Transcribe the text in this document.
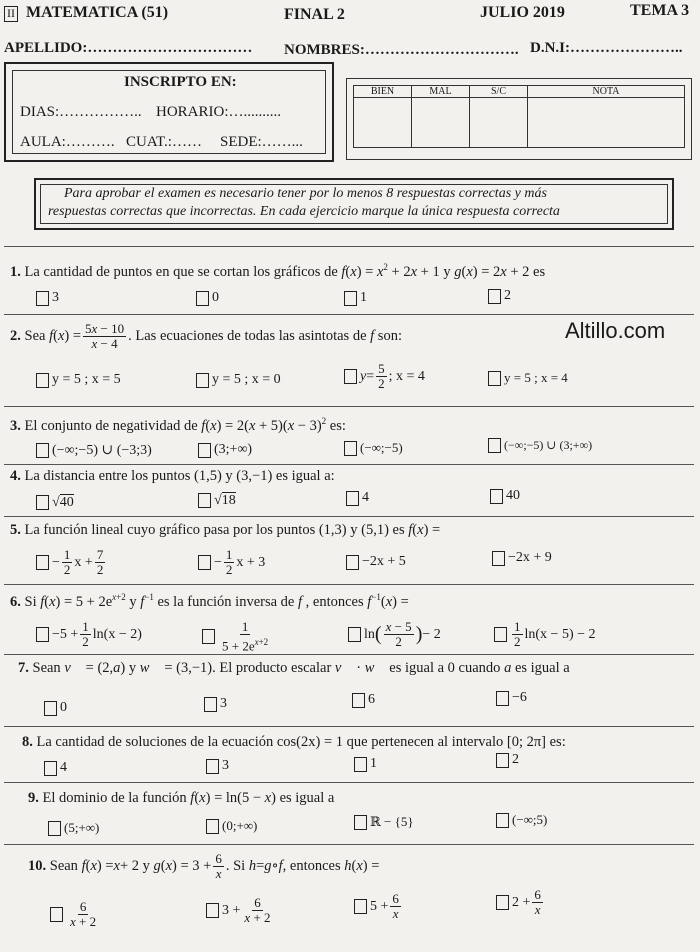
II MATEMATICA (51)	FINAL 2	JULIO 2019	TEMA 3
APELLIDO:…………………………… NOMBRES:…………………………. D.N.I:…………………..
INSCRIPTO EN:
DIAS:…………….. HORARIO:…..........
AULA:………. CUAT.:…… SEDE:……...
BIEN	MAL	S/C	NOTA

Para aprobar el examen es necesario tener por lo menos 8 respuestas correctas y más
respuestas correctas que incorrectas. En cada ejercicio marque la única respuesta correcta
Altillo.com
1. La cantidad de puntos en que se cortan los gráficos de $f(x) = x^2 + 2x + 1$ y g(x) = 2x + 2 es
3	0	1	2
2.
Sea
f ( x ) = $\frac{5x - 10}{x - 4}$ . Las ecuaciones de todas las asintotas de
f
son:
y = 5 ; x = 5	y = 5 ; x = 0	$y = \frac{5}{2}$ ; x = 4	y = 5 ; x = 4
3. El conjunto de negatividad de $f(x) = 2(x + 5)(x - 3)^2$ es:
(−∞;−5) ∪ (−3;3)	(3;+∞)	(−∞;−5)	(−∞;−5) ∪ (3;+∞)
4. La distancia entre los puntos (1,5) y (3,−1) es igual a:
√ 40	√ 18	4	40
5. La función lineal cuyo gráfico pasa por los puntos (1,3) y (5,1) es f(x) =
− $\frac{1}{2}$ $x + \frac{7}{2}$	− $\frac{1}{2}$ x + 3	−2x + 5	−2x + 9
6. Si $f(x) = 5 + 2e^{x+2}$ y $f^{-1}$ es la función inversa de f , entonces $f^{-1}(x)$ =
$-5 + \frac{1}{2} \ln(x - 2)$	$\frac{1}{5 + 2e^{x+2}}$	ln ( $\frac{x - 5}{2}$ ) − 2	$\frac{1}{2} \ln(x - 5) - 2$
7. Sean v⃗ = (2,a) y w⃗ = (3,−1). El producto escalar v⃗ · w⃗ es igual a 0 cuando a es igual a
0	3	6	−6
8. La cantidad de soluciones de la ecuación cos(2x) = 1 que pertenecen al intervalo [0; 2π] es:
4	3	1	2
9. El dominio de la función f(x) = ln(5 − x) es igual a
(5;+∞)	(0;+∞)	ℝ − {5}	(−∞;5)
10.
Sean
f ( x ) = x + 2 y g ( x ) = $3 + \frac{6}{x}$ . Si
h = g ∘ f , entonces
h ( x ) =
$\frac{6}{x + 2}$	$3 + \frac{6}{x + 2}$	$5 + \frac{6}{x}$	$2 + \frac{6}{x}$
